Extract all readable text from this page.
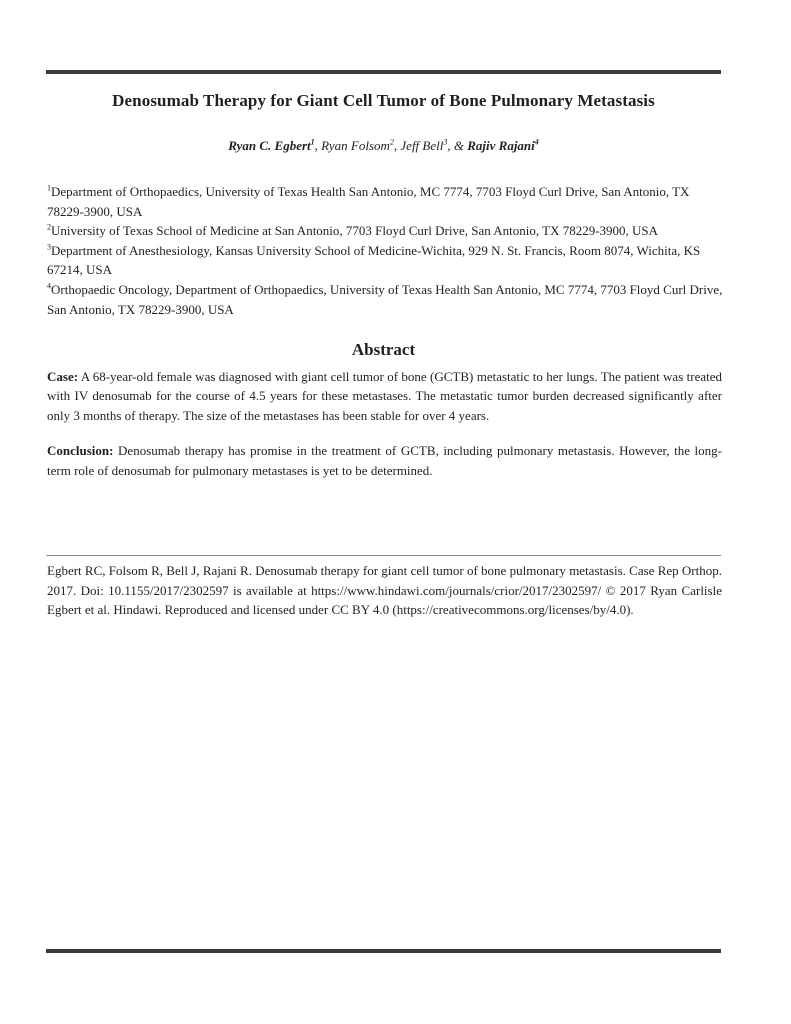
Denosumab Therapy for Giant Cell Tumor of Bone Pulmonary Metastasis
Ryan C. Egbert$^1$, Ryan Folsom$^2$, Jeff Bell$^3$, & Rajiv Rajani$^4$

$^1$Department of Orthopaedics, University of Texas Health San Antonio, MC 7774, 7703 Floyd Curl Drive, San Antonio, TX 78229-3900, USA

$^2$University of Texas School of Medicine at San Antonio, 7703 Floyd Curl Drive, San Antonio, TX 78229-3900, USA

$^3$Department of Anesthesiology, Kansas University School of Medicine-Wichita, 929 N. St. Francis, Room 8074, Wichita, KS 67214, USA

$^4$Orthopaedic Oncology, Department of Orthopaedics, University of Texas Health San Antonio, MC 7774, 7703 Floyd Curl Drive, San Antonio, TX 78229-3900, USA

Abstract

Case: A 68-year-old female was diagnosed with giant cell tumor of bone (GCTB) metastatic to her lungs. The patient was treated with IV denosumab for the course of 4.5 years for these metastases. The metastatic tumor burden decreased significantly after only 3 months of therapy. The size of the metastases has been stable for over 4 years.

Conclusion: Denosumab therapy has promise in the treatment of GCTB, including pulmonary metastasis. However, the long-term role of denosumab for pulmonary metastases is yet to be determined.

Egbert RC, Folsom R, Bell J, Rajani R. Denosumab therapy for giant cell tumor of bone pulmonary metastasis. Case Rep Orthop. 2017. Doi: 10.1155/2017/2302597 is available at https://www.hindawi.com/journals/crior/2017/2302597/ © 2017 Ryan Carlisle Egbert et al. Hindawi. Reproduced and licensed under CC BY 4.0 (https://creativecommons.org/licenses/by/4.0).
